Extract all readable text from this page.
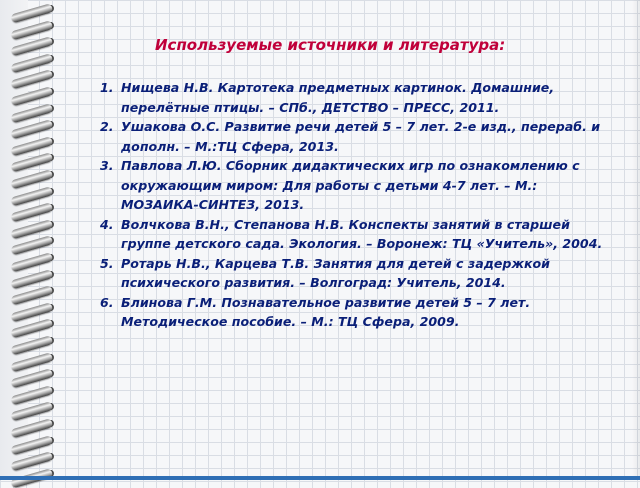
Используемые источники и литература:
1. Нищева Н.В. Картотека предметных картинок. Домашние, перелётные птицы. – СПб., ДЕТСТВО – ПРЕСС, 2011.
2. Ушакова О.С. Развитие речи детей 5 – 7 лет. 2-е изд., перераб. и дополн. – М.:ТЦ Сфера, 2013.
3. Павлова Л.Ю. Сборник дидактических игр по ознакомлению с окружающим миром: Для работы с детьми 4-7 лет. – М.: МОЗАИКА-СИНТЕЗ, 2013.
4. Волчкова В.Н., Степанова Н.В. Конспекты занятий в старшей группе детского сада. Экология. – Воронеж: ТЦ «Учитель», 2004.
5. Ротарь Н.В., Карцева Т.В. Занятия для детей с задержкой психического развития. – Волгоград: Учитель, 2014.
6. Блинова Г.М. Познавательное развитие детей 5 – 7 лет. Методическое пособие. – М.: ТЦ Сфера, 2009.
